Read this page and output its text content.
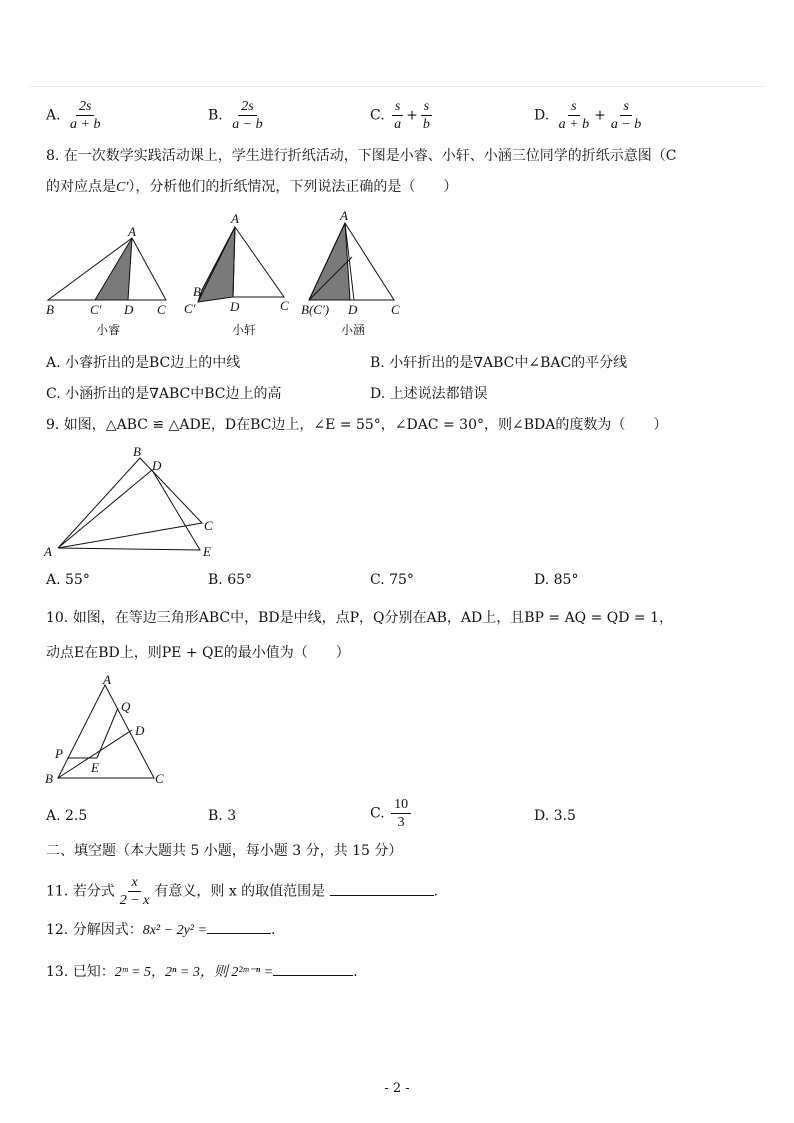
A. $\frac{2s}{a + b}$	B. $\frac{2s}{a - b}$	C. $\frac{s}{a} + \frac{s}{b}$	D. $\frac{s}{a + b} + \frac{s}{a - b}$
8. 在一次数学实践活动课上，学生进行折纸活动，下图是小睿、小轩、小涵三位同学的折纸示意图（C
的对应点是C′），分析他们的折纸情况，下列说法正确的是（　　）
A
B	C′ D C
小睿
A
B
C′	D	C
小轩
A
B(C′) D	C
小涵
A. 小睿折出的是BC边上的中线	B. 小轩折出的是∇ABC中∠BAC的平分线
C. 小涵折出的是∇ABC中BC边上的高	D. 上述说法都错误
9. 如图，△ABC ≌ △ADE，D在BC边上，∠E = 55°，∠DAC = 30°，则∠BDA的度数为（　　）
A
B
D
C
E
A. 55°	B. 65°	C. 75°	D. 85°
10. 如图，在等边三角形ABC中，BD是中线，点P，Q分别在AB，AD上，且BP = AQ = QD = 1，
动点E在BD上，则PE + QE的最小值为（　　）
A
Q
D
P
E
B	C
A. 2.5	B. 3	C. $\frac{10}{3}$	D. 3.5
二、填空题（本大题共 5 小题，每小题 3 分，共 15 分）
11. 若分式 $\frac{x}{2 - x}$ 有意义，则 x 的取值范围是	.
12. 分解因式：8x² − 2y² =	.
13. 已知：2ᵐ = 5，2ⁿ = 3，则 2²ᵐ⁻ⁿ =	.
- 2 -
